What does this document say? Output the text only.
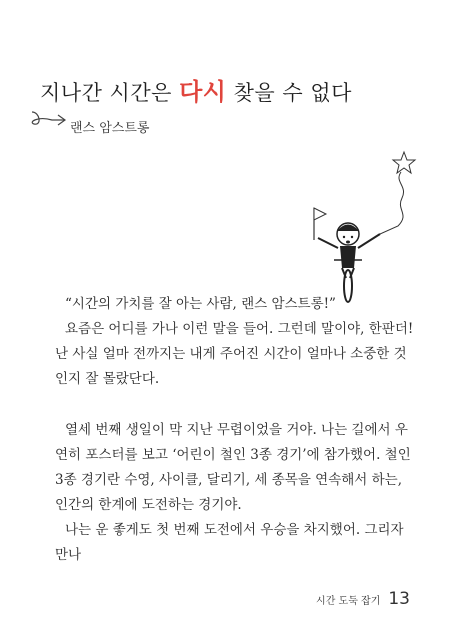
지나간 시간은 다시 찾을 수 없다
랜스 암스트롱

“시간의 가치를 잘 아는 사람, 랜스 암스트롱!”

요즘은 어디를 가나 이런 말을 들어. 그런데 말이야, 한판더! 난 사실 얼마 전까지는 내게 주어진 시간이 얼마나 소중한 것인지 잘 몰랐단다.

열세 번째 생일이 막 지난 무렵이었을 거야. 나는 길에서 우연히 포스터를 보고 ‘어린이 철인 3종 경기’에 참가했어. 철인 3종 경기란 수영, 사이클, 달리기, 세 종목을 연속해서 하는, 인간의 한계에 도전하는 경기야.

나는 운 좋게도 첫 번째 도전에서 우승을 차지했어. 그리자 만나

시간 도둑 잡기 13
